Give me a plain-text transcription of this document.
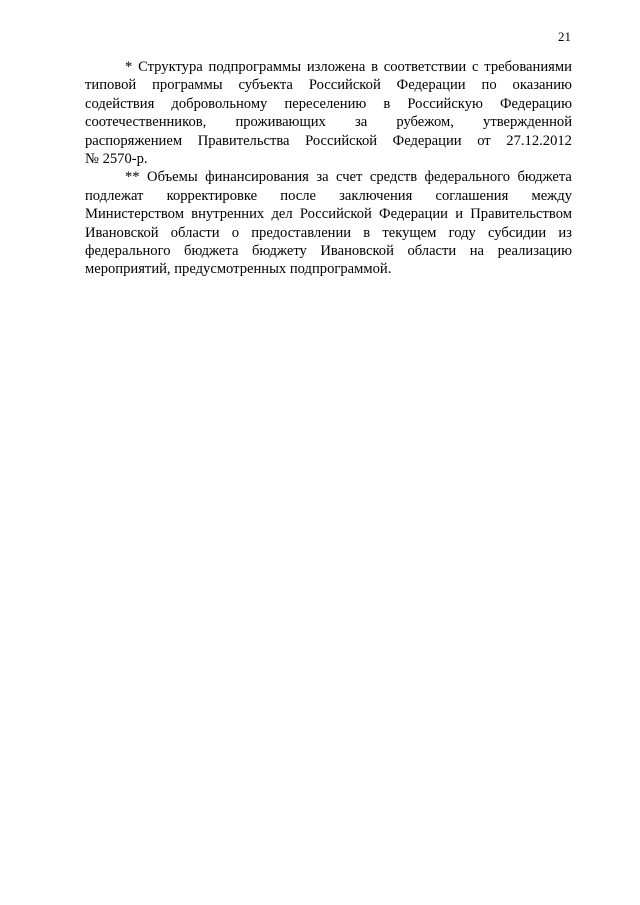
21
* Структура подпрограммы изложена в соответствии с требованиями
типовой программы субъекта Российской Федерации по оказанию
содействия добровольному переселению в Российскую Федерацию
соотечественников, проживающих за рубежом, утвержденной
распоряжением Правительства Российской Федерации от 27.12.2012
№ 2570-р.
** Объемы финансирования за счет средств федерального бюджета
подлежат корректировке после заключения соглашения между
Министерством внутренних дел Российской Федерации и Правительством
Ивановской области о предоставлении в текущем году субсидии из
федерального бюджета бюджету Ивановской области на реализацию
мероприятий, предусмотренных подпрограммой.
